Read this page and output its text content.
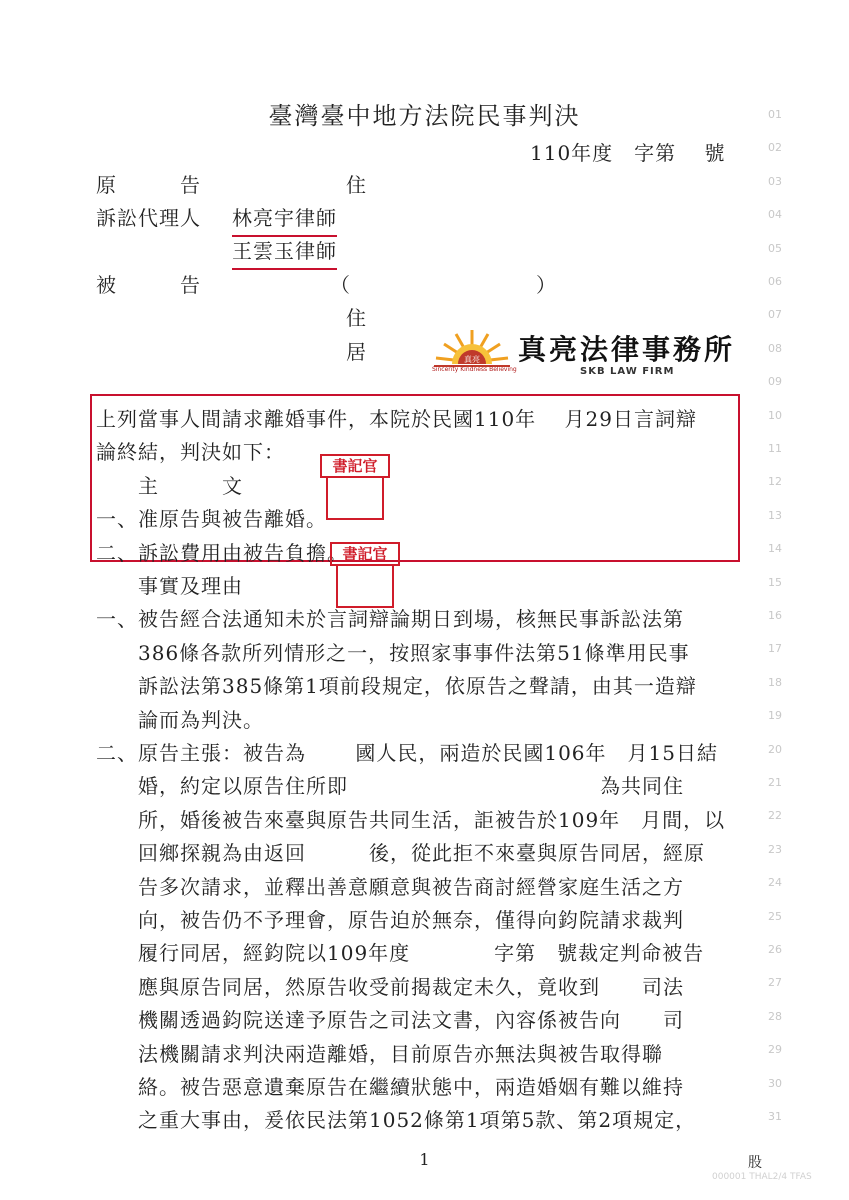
臺灣臺中地方法院民事判決
110年度　字第　 號
原　　　告	住
訴訟代理人 林亮宇律師
王雲玉律師
被　　　告	（	）
住
居	真亮
Sincerity Kindness Believing
真亮法律事務所
SKB LAW FIRM
上列當事人間請求離婚事件，本院於民國110年　 月29日言詞辯
論終結，判決如下：
　　主　　　文
一、准原告與被告離婚。
二、訴訟費用由被告負擔。
　　事實及理由
一、被告經合法通知未於言詞辯論期日到場，核無民事訴訟法第
　　386條各款所列情形之一，按照家事事件法第51條準用民事
　　訴訟法第385條第1項前段規定，依原告之聲請，由其一造辯
　　論而為判決。
二、原告主張：被告為　　 國人民，兩造於民國106年　月15日結
　　婚，約定以原告住所即　　　　　　　　　　　　為共同住
　　所，婚後被告來臺與原告共同生活，詎被告於109年　月間，以
　　回鄉探親為由返回　　　後，從此拒不來臺與原告同居，經原
　　告多次請求，並釋出善意願意與被告商討經營家庭生活之方
　　向，被告仍不予理會，原告迫於無奈，僅得向鈞院請求裁判
　　履行同居，經鈞院以109年度　　　　字第　號裁定判命被告
　　應與原告同居，然原告收受前揭裁定未久，竟收到　　司法
　　機關透過鈞院送達予原告之司法文書，內容係被告向　　司
　　法機關請求判決兩造離婚，目前原告亦無法與被告取得聯
　　絡。被告惡意遺棄原告在繼續狀態中，兩造婚姻有難以維持
　　之重大事由，爰依民法第1052條第1項第5款、第2項規定，
01
02
03
04
05
06
07
08
09
10
11
12
13
14
15
16
17
18
19
20
21
22
23
24
25
26
27
28
29
30
31
書記官
書記官
1	股
000001 THAL2/4 TFAS
